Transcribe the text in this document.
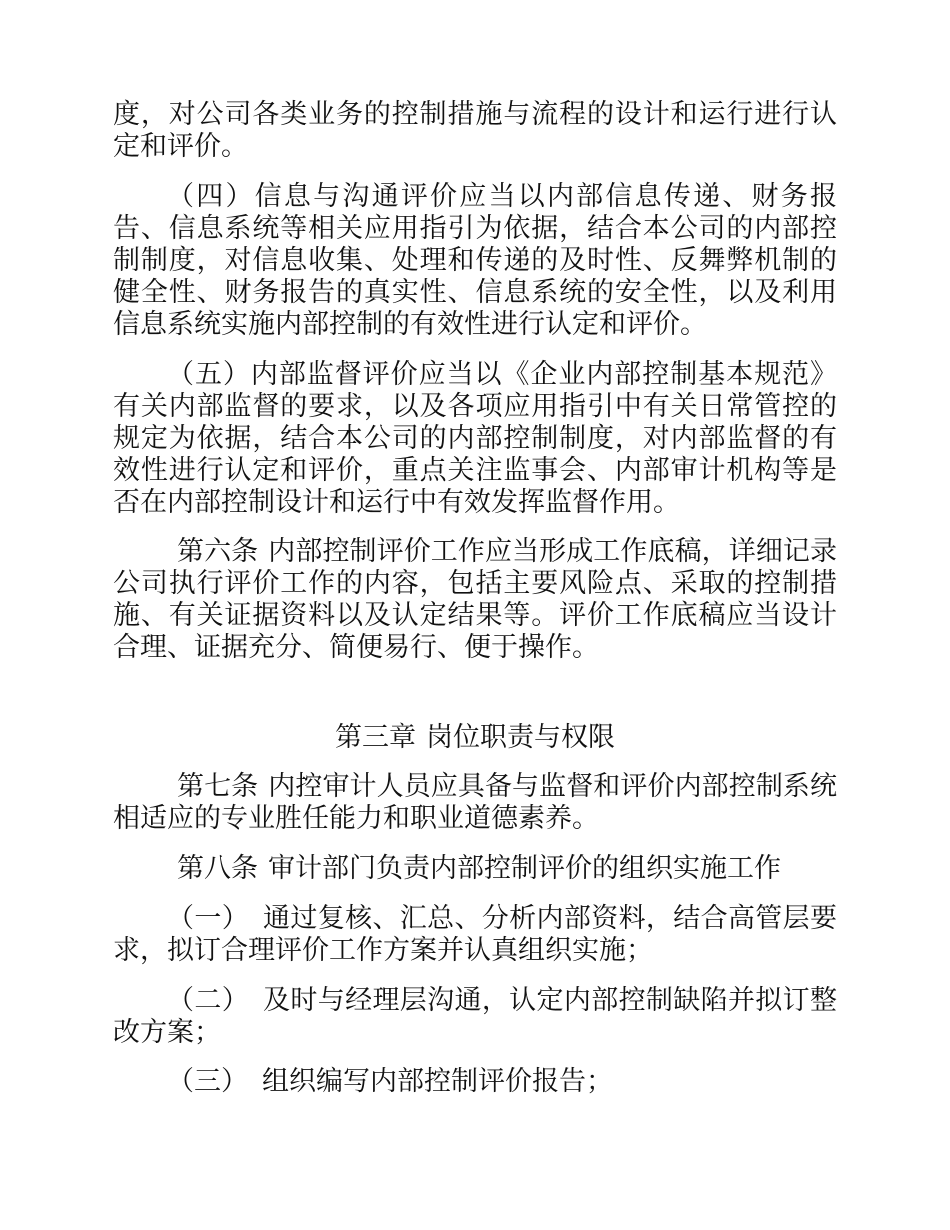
度，对公司各类业务的控制措施与流程的设计和运行进行认定和评价。

（四）信息与沟通评价应当以内部信息传递、财务报告、信息系统等相关应用指引为依据，结合本公司的内部控制制度，对信息收集、处理和传递的及时性、反舞弊机制的健全性、财务报告的真实性、信息系统的安全性，以及利用信息系统实施内部控制的有效性进行认定和评价。

（五）内部监督评价应当以《企业内部控制基本规范》有关内部监督的要求，以及各项应用指引中有关日常管控的规定为依据，结合本公司的内部控制制度，对内部监督的有效性进行认定和评价，重点关注监事会、内部审计机构等是否在内部控制设计和运行中有效发挥监督作用。

第六条 内部控制评价工作应当形成工作底稿，详细记录公司执行评价工作的内容，包括主要风险点、采取的控制措施、有关证据资料以及认定结果等。评价工作底稿应当设计合理、证据充分、简便易行、便于操作。

第三章 岗位职责与权限

第七条 内控审计人员应具备与监督和评价内部控制系统相适应的专业胜任能力和职业道德素养。

第八条 审计部门负责内部控制评价的组织实施工作

（一） 通过复核、汇总、分析内部资料，结合高管层要求，拟订合理评价工作方案并认真组织实施；

（二） 及时与经理层沟通，认定内部控制缺陷并拟订整改方案；

（三） 组织编写内部控制评价报告；
